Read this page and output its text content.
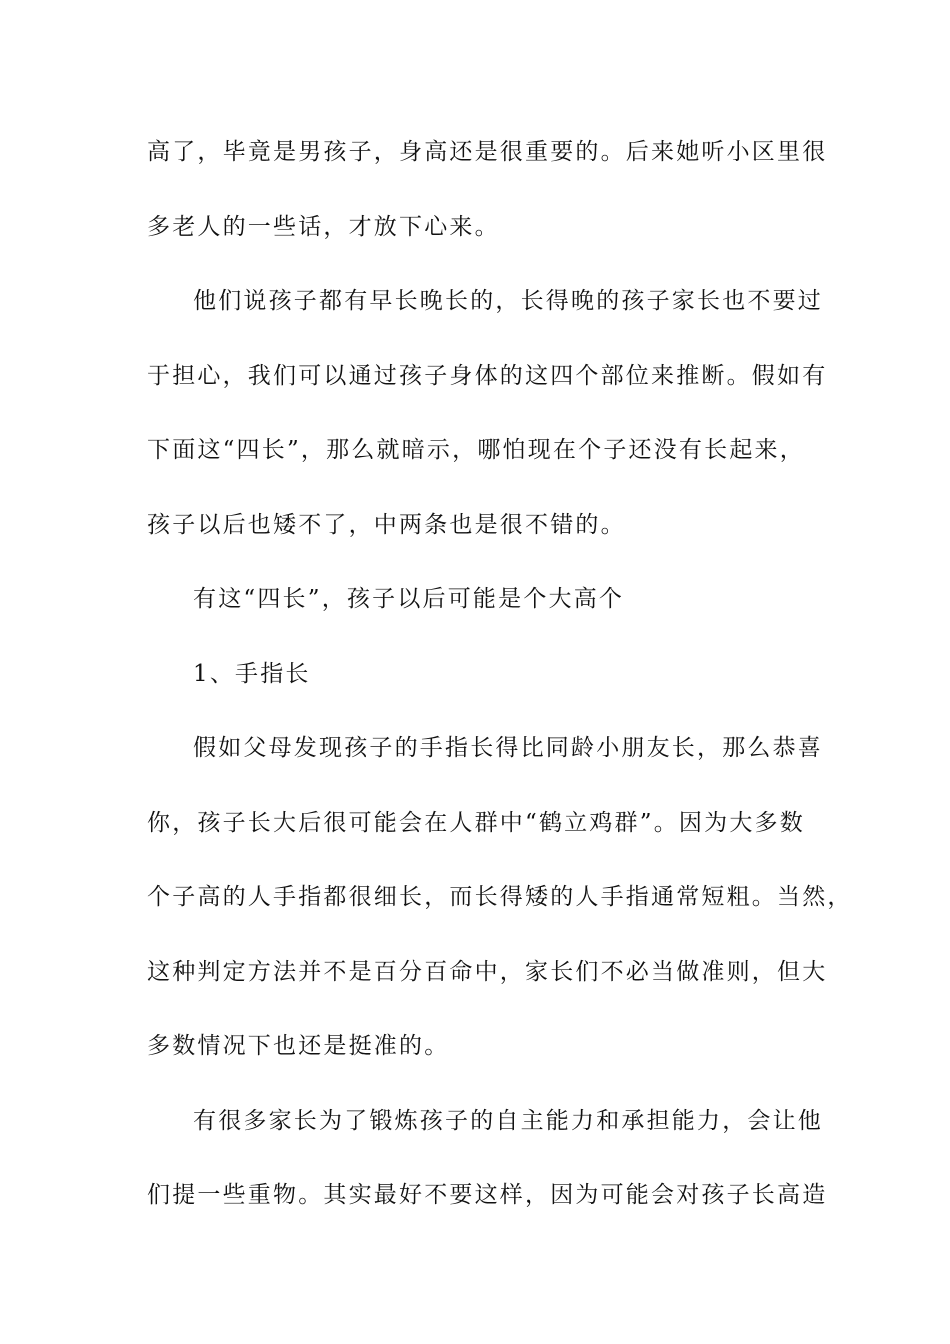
高了，毕竟是男孩子，身高还是很重要的。后来她听小区里很

多老人的一些话，才放下心来。

他们说孩子都有早长晚长的，长得晚的孩子家长也不要过

于担心，我们可以通过孩子身体的这四个部位来推断。假如有

下面这“四长”，那么就暗示，哪怕现在个子还没有长起来，

孩子以后也矮不了，中两条也是很不错的。

有这“四长”，孩子以后可能是个大高个

1、手指长

假如父母发现孩子的手指长得比同龄小朋友长，那么恭喜

你，孩子长大后很可能会在人群中“鹤立鸡群”。因为大多数

个子高的人手指都很细长，而长得矮的人手指通常短粗。当然，

这种判定方法并不是百分百命中，家长们不必当做准则，但大

多数情况下也还是挺准的。

有很多家长为了锻炼孩子的自主能力和承担能力，会让他

们提一些重物。其实最好不要这样，因为可能会对孩子长高造
